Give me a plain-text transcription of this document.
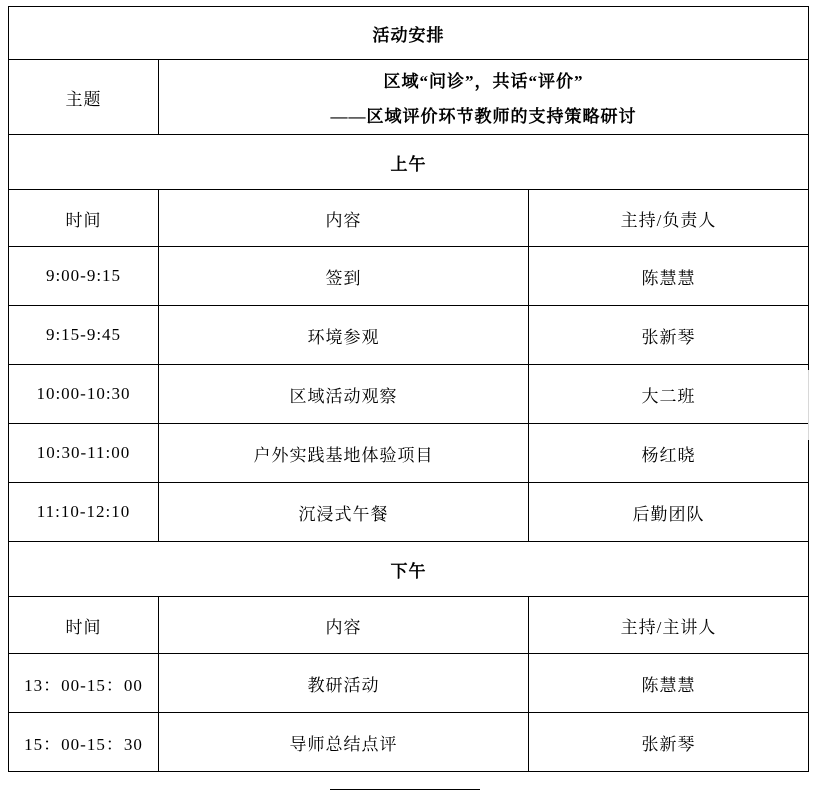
活动安排		
主题	区域“问诊”，共话“评价”
——区域评价环节教师的支持策略研讨	

上午		
时间	内容	主持/负责人
9:00-9:15	签到	陈慧慧
9:15-9:45	环境参观	张新琴
10:00-10:30	区域活动观察	大二班
10:30-11:00	户外实践基地体验项目	杨红晓
11:10-12:10	沉浸式午餐	后勤团队
下午		
时间	内容	主持/主讲人
13：00-15：00	教研活动	陈慧慧
15：00-15：30	导师总结点评	张新琴
